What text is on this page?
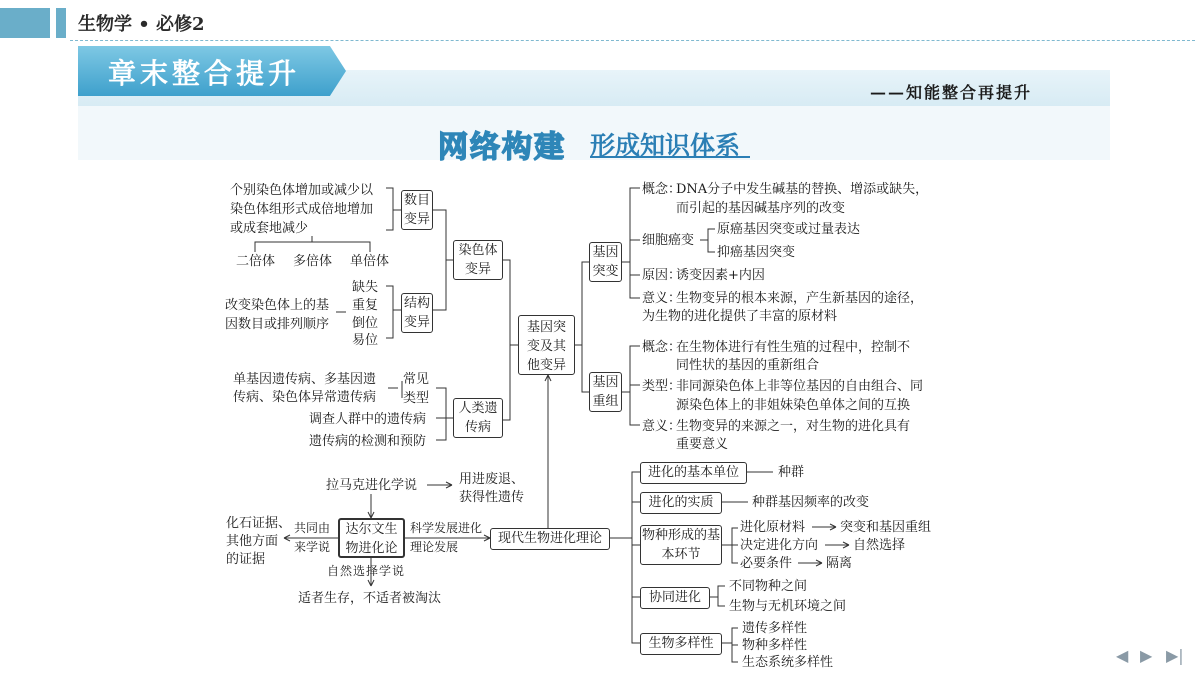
生物学 • 必修2
章末整合提升
——知能整合再提升
网络构建 形成知识体系
个别染色体增加或减少以
染色体组形式成倍地增加
或成套地减少
数目变异
二倍体 多倍体 单倍体
改变染色体上的基
因数目或排列顺序
缺失
重复
倒位
易位
结构变异
染色体变异
单基因遗传病、多基因遗
传病、染色体异常遗传病
常见类型
调查人群中的遗传病
遗传病的检测和预防
人类遗传病
基因突变及其他变异
基因突变
概念：
DNA分子中发生碱基的替换、增添或缺失，
而引起的基因碱基序列的改变
细胞癌变
原癌基因突变或过量表达
抑癌基因突变
原因：
诱变因素+内因
意义：
生物变异的根本来源，产生新基因的途径，
为生物的进化提供了丰富的原材料
基因重组
概念：
在生物体进行有性生殖的过程中，控制不
同性状的基因的重新组合
类型：
非同源染色体上非等位基因的自由组合、同
源染色体上的非姐妹染色单体之间的互换
意义：
生物变异的来源之一，对生物的进化具有
重要意义
拉马克进化学说	用进废退、
获得性遗传
化石证据、
其他方面
的证据
共同由来学说
达尔文生物进化论
自然选择学说
适者生存，不适者被淘汰
科学发展进化理论发展
现代生物进化理论
进化的基本单位	种群
进化的实质	种群基因频率的改变
物种形成的基本环节
进化原材料	突变和基因重组
决定进化方向	自然选择
必要条件	隔离
协同进化
不同物种之间
生物与无机环境之间
生物多样性
遗传多样性
物种多样性
生态系统多样性	◀ ▶ ▶|
